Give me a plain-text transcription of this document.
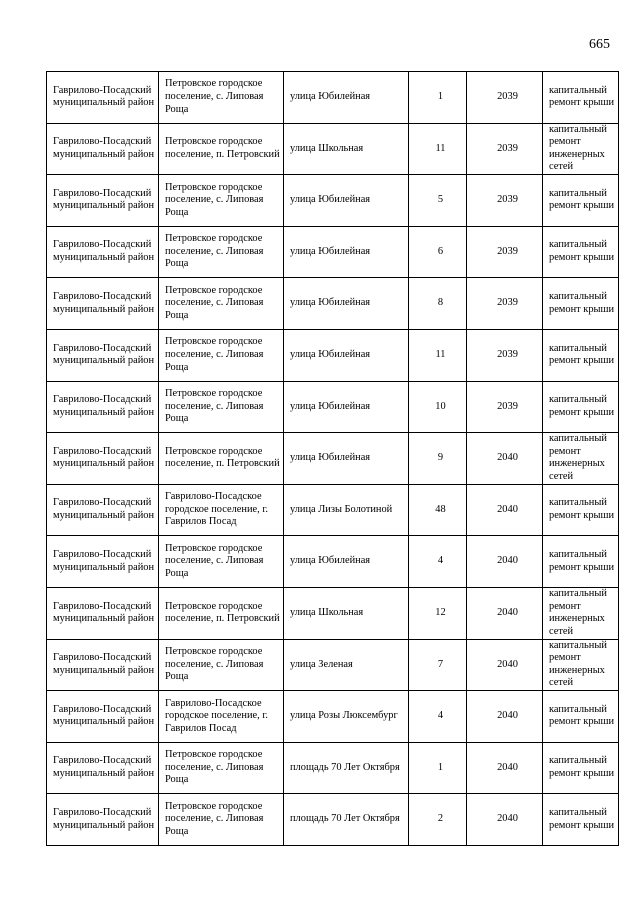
665
Гаврилово-Посадский муниципальный район	Петровское городское поселение, с. Липовая Роща	улица Юбилейная	1	2039	капитальный ремонт крыши
Гаврилово-Посадский муниципальный район	Петровское городское поселение, п. Петровский	улица Школьная	11	2039	капитальный ремонт инженерных сетей
Гаврилово-Посадский муниципальный район	Петровское городское поселение, с. Липовая Роща	улица Юбилейная	5	2039	капитальный ремонт крыши
Гаврилово-Посадский муниципальный район	Петровское городское поселение, с. Липовая Роща	улица Юбилейная	6	2039	капитальный ремонт крыши
Гаврилово-Посадский муниципальный район	Петровское городское поселение, с. Липовая Роща	улица Юбилейная	8	2039	капитальный ремонт крыши
Гаврилово-Посадский муниципальный район	Петровское городское поселение, с. Липовая Роща	улица Юбилейная	11	2039	капитальный ремонт крыши
Гаврилово-Посадский муниципальный район	Петровское городское поселение, с. Липовая Роща	улица Юбилейная	10	2039	капитальный ремонт крыши
Гаврилово-Посадский муниципальный район	Петровское городское поселение, п. Петровский	улица Юбилейная	9	2040	капитальный ремонт инженерных сетей
Гаврилово-Посадский муниципальный район	Гаврилово-Посадское городское поселение, г. Гаврилов Посад	улица Лизы Болотиной	48	2040	капитальный ремонт крыши
Гаврилово-Посадский муниципальный район	Петровское городское поселение, с. Липовая Роща	улица Юбилейная	4	2040	капитальный ремонт крыши
Гаврилово-Посадский муниципальный район	Петровское городское поселение, п. Петровский	улица Школьная	12	2040	капитальный ремонт инженерных сетей
Гаврилово-Посадский муниципальный район	Петровское городское поселение, с. Липовая Роща	улица Зеленая	7	2040	капитальный ремонт инженерных сетей
Гаврилово-Посадский муниципальный район	Гаврилово-Посадское городское поселение, г. Гаврилов Посад	улица Розы Люксембург	4	2040	капитальный ремонт крыши
Гаврилово-Посадский муниципальный район	Петровское городское поселение, с. Липовая Роща	площадь 70 Лет Октября	1	2040	капитальный ремонт крыши
Гаврилово-Посадский муниципальный район	Петровское городское поселение, с. Липовая Роща	площадь 70 Лет Октября	2	2040	капитальный ремонт крыши
